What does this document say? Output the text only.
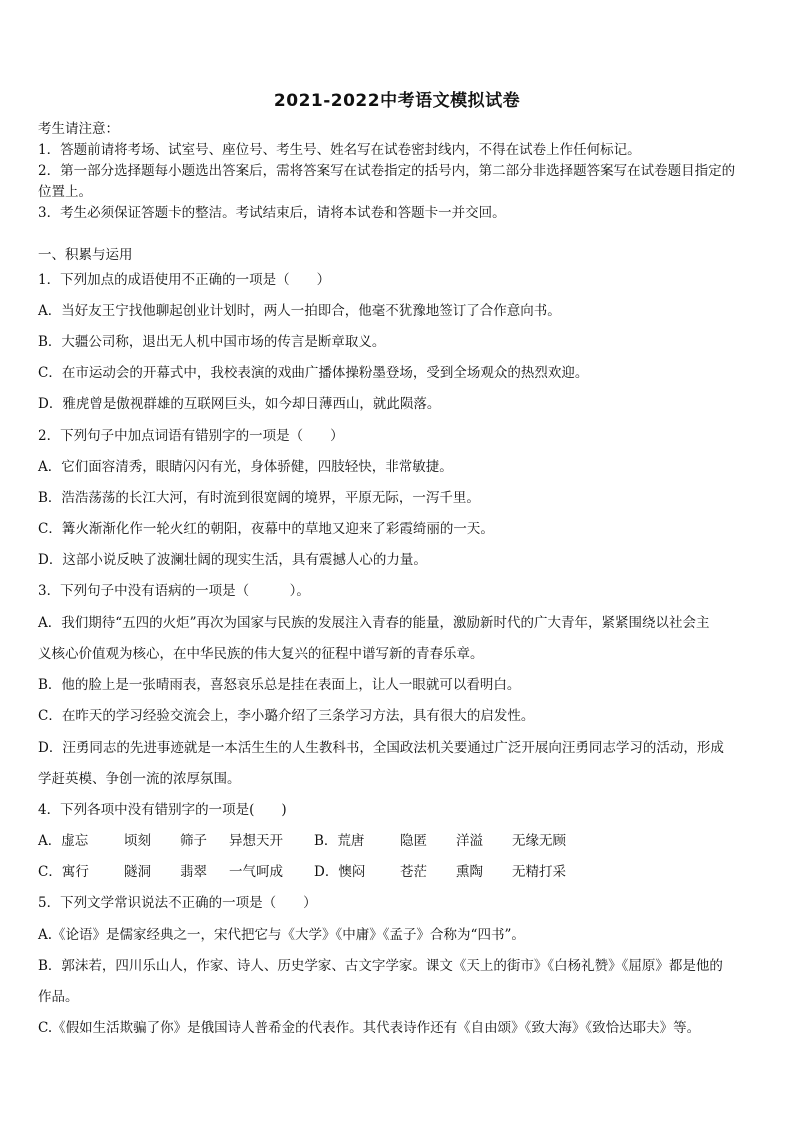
2021-2022中考语文模拟试卷
考生请注意：
1．答题前请将考场、试室号、座位号、考生号、姓名写在试卷密封线内，不得在试卷上作任何标记。
2．第一部分选择题每小题选出答案后，需将答案写在试卷指定的括号内，第二部分非选择题答案写在试卷题目指定的
位置上。
3．考生必须保证答题卡的整洁。考试结束后，请将本试卷和答题卡一并交回。
一、积累与运用
1．下列加点的成语使用不正确的一项是（　　）
A．当好友王宁找他聊起创业计划时，两人一拍即合，他毫不犹豫地签订了合作意向书。
B．大疆公司称，退出无人机中国市场的传言是断章取义。
C．在市运动会的开幕式中，我校表演的戏曲广播体操粉墨登场，受到全场观众的热烈欢迎。
D．雅虎曾是傲视群雄的互联网巨头，如今却日薄西山，就此陨落。
2．下列句子中加点词语有错别字的一项是（　　）
A．它们面容清秀，眼睛闪闪有光，身体骄健，四肢轻快，非常敏捷。
B．浩浩荡荡的长江大河，有时流到很宽阔的境界，平原无际，一泻千里。
C．篝火渐渐化作一轮火红的朝阳，夜幕中的草地又迎来了彩霞绮丽的一天。
D．这部小说反映了波澜壮阔的现实生活，具有震撼人心的力量。
3．下列句子中没有语病的一项是（　　　）。
A．我们期待“五四的火炬”再次为国家与民族的发展注入青春的能量，激励新时代的广大青年，紧紧围绕以社会主
义核心价值观为核心，在中华民族的伟大复兴的征程中谱写新的青春乐章。
B．他的脸上是一张晴雨表，喜怒哀乐总是挂在表面上，让人一眼就可以看明白。
C．在昨天的学习经验交流会上，李小璐介绍了三条学习方法，具有很大的启发性。
D．汪勇同志的先进事迹就是一本活生生的人生教科书，全国政法机关要通过广泛开展向汪勇同志学习的活动，形成
学赶英模、争创一流的浓厚氛围。
4．下列各项中没有错别字的一项是(　　)
A．虚忘	顷刻 筛子 异想天开 B．荒唐	隐匿 洋溢 无缘无顾
C．寓行	隧洞 翡翠 一气呵成 D．懊闷	苍茫 熏陶 无精打采
5．下列文学常识说法不正确的一项是（　　）
A.《论语》是儒家经典之一，宋代把它与《大学》《中庸》《孟子》合称为“四书”。
B．郭沫若，四川乐山人，作家、诗人、历史学家、古文字学家。课文《天上的街市》《白杨礼赞》《屈原》都是他的
作品。
C.《假如生活欺骗了你》是俄国诗人普希金的代表作。其代表诗作还有《自由颂》《致大海》《致恰达耶夫》等。
